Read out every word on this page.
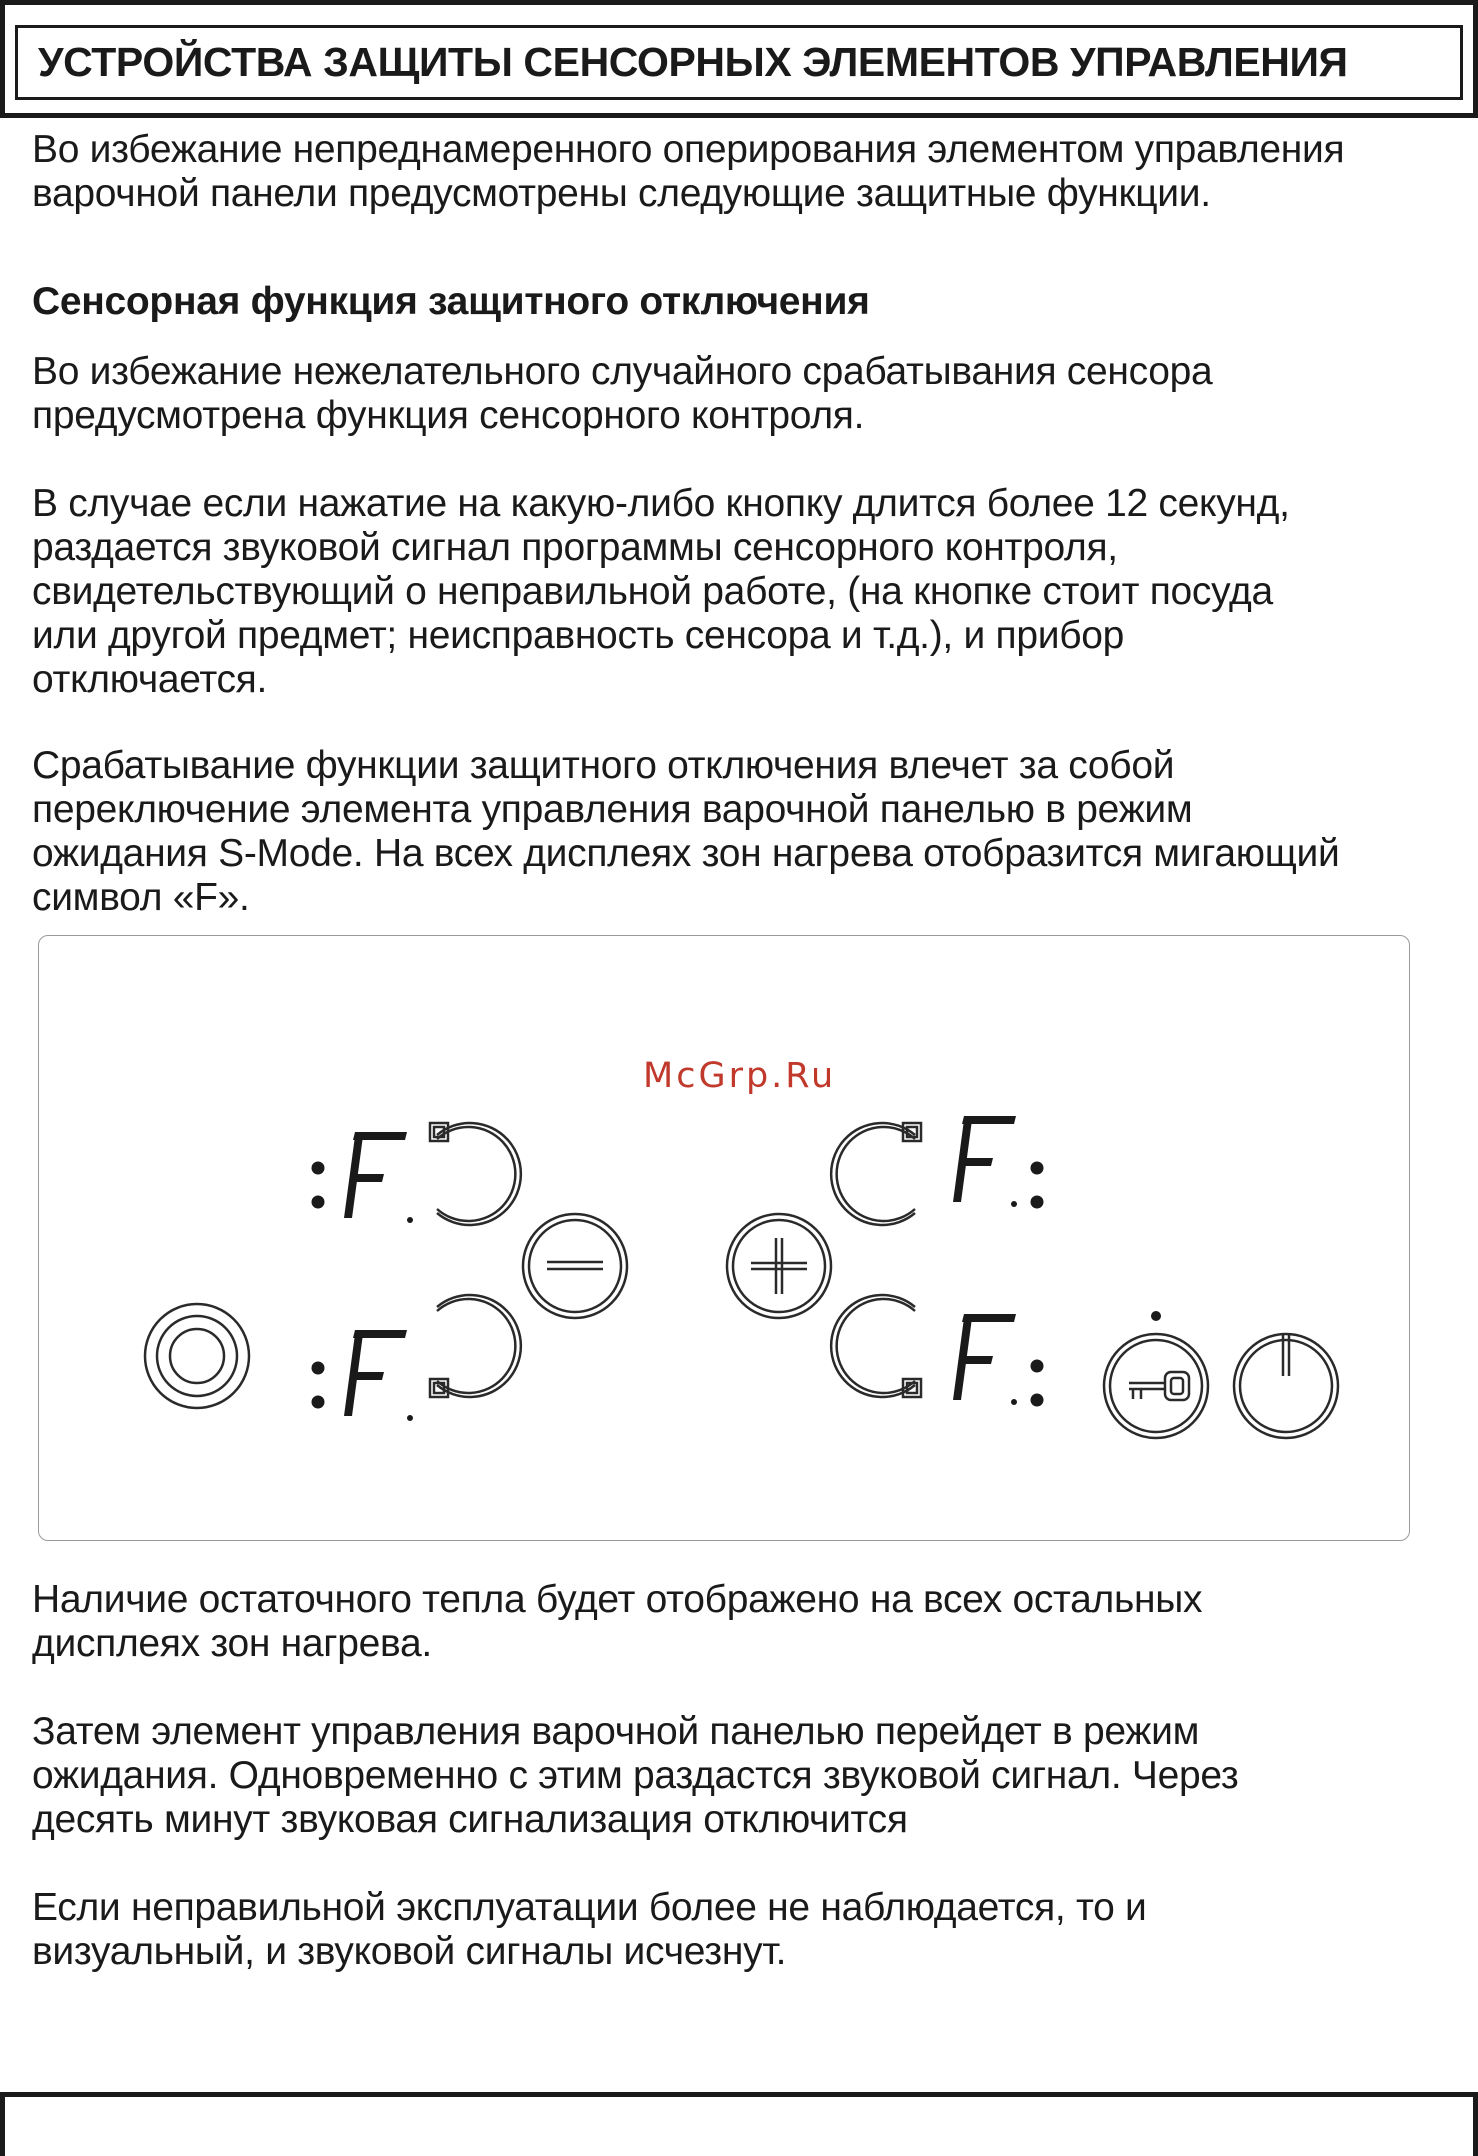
УСТРОЙСТВА ЗАЩИТЫ СЕНСОРНЫХ ЭЛЕМЕНТОВ УПРАВЛЕНИЯ
Во избежание непреднамеренного оперирования элементом управления
варочной панели предусмотрены следующие защитные функции.
Сенсорная функция защитного отключения
Во избежание нежелательного случайного срабатывания сенсора
предусмотрена функция сенсорного контроля.
В случае если нажатие на какую-либо кнопку длится более 12 секунд,
раздается звуковой сигнал программы сенсорного контроля,
свидетельствующий о неправильной работе, (на кнопке стоит посуда
или другой предмет; неисправность сенсора и т.д.), и прибор
отключается.
Срабатывание функции защитного отключения влечет за собой
переключение элемента управления варочной панелью в режим
ожидания S-Mode. На всех дисплеях зон нагрева отобразится мигающий
символ «F».
McGrp.Ru
Наличие остаточного тепла будет отображено на всех остальных
дисплеях зон нагрева.
Затем элемент управления варочной панелью перейдет в режим
ожидания. Одновременно с этим раздастся звуковой сигнал. Через
десять минут звуковая сигнализация отключится
Если неправильной эксплуатации более не наблюдается, то и
визуальный, и звуковой сигналы исчезнут.
